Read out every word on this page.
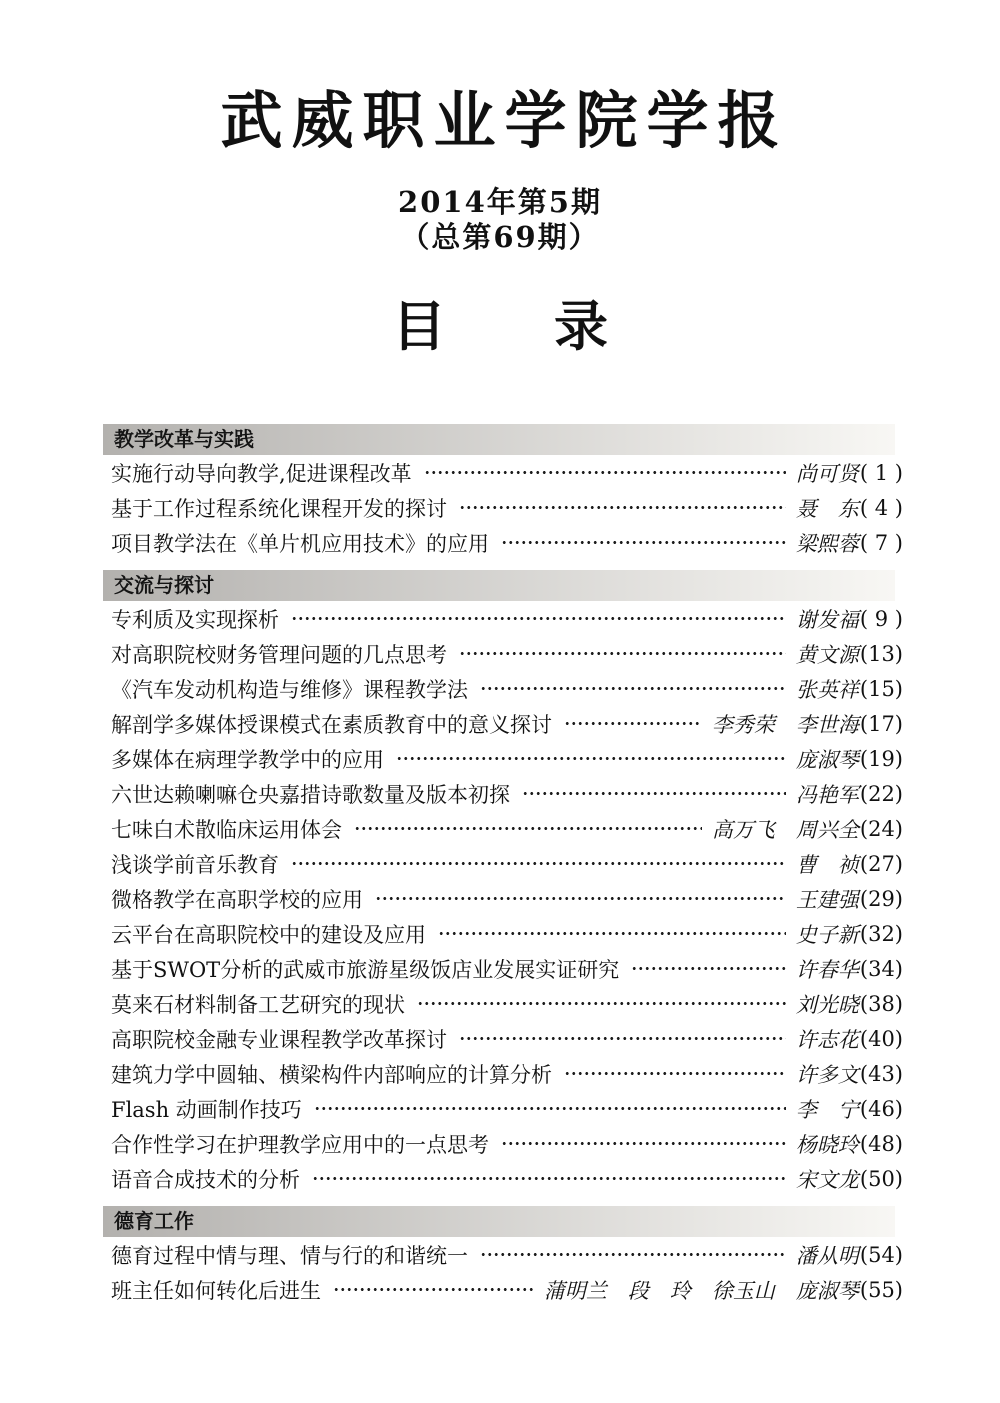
武威职业学院学报
2014年第5期
（总第69期）
目　　录
教学改革与实践
实施行动导向教学,促进课程改革	尚可贤 ( 1 )
基于工作过程系统化课程开发的探讨	聂　东 ( 4 )
项目教学法在《单片机应用技术》的应用	梁熙蓉 ( 7 )
交流与探讨
专利质及实现探析	谢发福 ( 9 )
对高职院校财务管理问题的几点思考	黄文源 (13)
《汽车发动机构造与维修》课程教学法	张英祥 (15)
解剖学多媒体授课模式在素质教育中的意义探讨	李秀荣　李世海 (17)
多媒体在病理学教学中的应用	庞淑琴 (19)
六世达赖喇嘛仓央嘉措诗歌数量及版本初探	冯艳军 (22)
七味白术散临床运用体会	高万飞　周兴全 (24)
浅谈学前音乐教育	曹　祯 (27)
微格教学在高职学校的应用	王建强 (29)
云平台在高职院校中的建设及应用	史子新 (32)
基于SWOT分析的武威市旅游星级饭店业发展实证研究	许春华 (34)
莫来石材料制备工艺研究的现状	刘光晓 (38)
高职院校金融专业课程教学改革探讨	许志花 (40)
建筑力学中圆轴、横梁构件内部响应的计算分析	许多文 (43)
Flash 动画制作技巧	李　宁 (46)
合作性学习在护理教学应用中的一点思考	杨晓玲 (48)
语音合成技术的分析	宋文龙 (50)
德育工作
德育过程中情与理、情与行的和谐统一	潘从明 (54)
班主任如何转化后进生	蒲明兰　段　玲　徐玉山　庞淑琴 (55)
